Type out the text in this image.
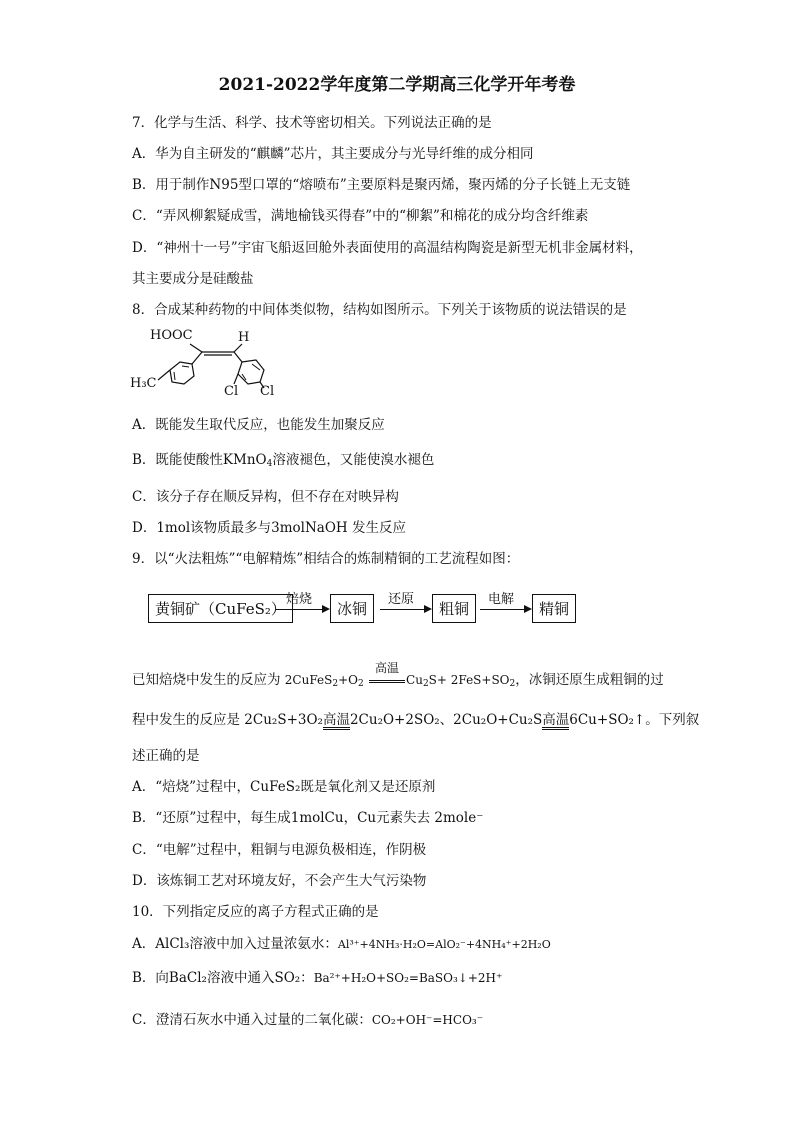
2021-2022学年度第二学期高三化学开年考卷
7．化学与生活、科学、技术等密切相关。下列说法正确的是
A．华为自主研发的“麒麟”芯片，其主要成分与光导纤维的成分相同
B．用于制作N95型口罩的“熔喷布”主要原料是聚丙烯，聚丙烯的分子长链上无支链
C．“弄风柳絮疑成雪，满地榆钱买得春”中的“柳絮”和棉花的成分均含纤维素
D．“神州十一号”宇宙飞船返回舱外表面使用的高温结构陶瓷是新型无机非金属材料，
其主要成分是硅酸盐
8．合成某种药物的中间体类似物，结构如图所示。下列关于该物质的说法错误的是
HOOC	H
H₃C
Cl Cl
A．既能发生取代反应，也能发生加聚反应
B．既能使酸性KMnO$_4$溶液褪色，又能使溴水褪色
C．该分子存在顺反异构，但不存在对映异构
D．1mol该物质最多与3molNaOH 发生反应
9．以“火法粗炼”“电解精炼”相结合的炼制精铜的工艺流程如图：
黄铜矿（CuFeS₂）
焙烧
冰铜
还原
粗铜
电解
精铜
已知焙烧中发生的反应为 $2CuFeS_2+O_2$
高温
$Cu_2S+ 2FeS+SO_2$，冰铜还原生成粗铜的过
程中发生的反应是 2Cu₂S+3O₂高温2Cu₂O+2SO₂、2Cu₂O+Cu₂S高温6Cu+SO₂↑。下列叙
述正确的是
A．“焙烧”过程中，CuFeS₂既是氧化剂又是还原剂
B．“还原”过程中，每生成1molCu，Cu元素失去 2mole⁻
C．“电解”过程中，粗铜与电源负极相连，作阴极
D．该炼铜工艺对环境友好，不会产生大气污染物
10．下列指定反应的离子方程式正确的是
A．AlCl₃溶液中加入过量浓氨水：Al³⁺+4NH₃·H₂O=AlO₂⁻+4NH₄⁺+2H₂O
B．向BaCl₂溶液中通入SO₂：Ba²⁺+H₂O+SO₂=BaSO₃↓+2H⁺
C．澄清石灰水中通入过量的二氧化碳：CO₂+OH⁻=HCO₃⁻
